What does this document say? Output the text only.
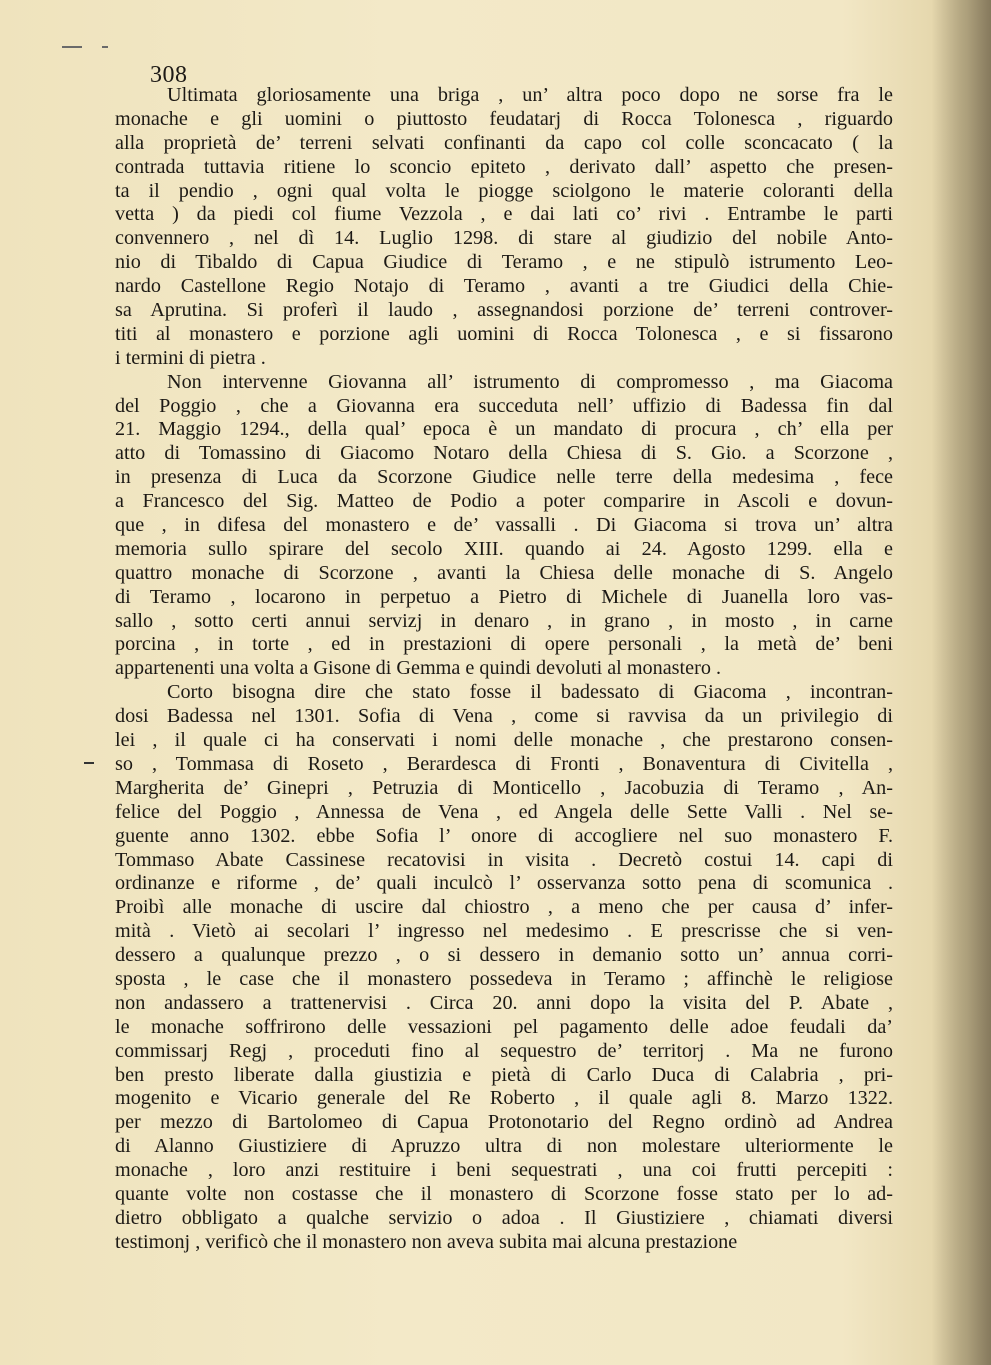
308
Ultimata gloriosamente una briga , un’ altra poco dopo ne sorse fra le
monache e gli uomini o piuttosto feudatarj di Rocca Tolonesca , riguardo
alla proprietà de’ terreni selvati confinanti da capo col colle sconcacato ( la
contrada tuttavia ritiene lo sconcio epiteto , derivato dall’ aspetto che presen-
ta il pendio , ogni qual volta le piogge sciolgono le materie coloranti della
vetta ) da piedi col fiume Vezzola , e dai lati co’ rivi . Entrambe le parti
convennero , nel dì 14. Luglio 1298. di stare al giudizio del nobile Anto-
nio di Tibaldo di Capua Giudice di Teramo , e ne stipulò istrumento Leo-
nardo Castellone Regio Notajo di Teramo , avanti a tre Giudici della Chie-
sa Aprutina. Si proferì il laudo , assegnandosi porzione de’ terreni controver-
titi al monastero e porzione agli uomini di Rocca Tolonesca , e si fissarono
i termini di pietra .
Non intervenne Giovanna all’ istrumento di compromesso , ma Giacoma
del Poggio , che a Giovanna era succeduta nell’ uffizio di Badessa fin dal
21. Maggio 1294., della qual’ epoca è un mandato di procura , ch’ ella per
atto di Tomassino di Giacomo Notaro della Chiesa di S. Gio. a Scorzone ,
in presenza di Luca da Scorzone Giudice nelle terre della medesima , fece
a Francesco del Sig. Matteo de Podio a poter comparire in Ascoli e dovun-
que , in difesa del monastero e de’ vassalli . Di Giacoma si trova un’ altra
memoria sullo spirare del secolo XIII. quando ai 24. Agosto 1299. ella e
quattro monache di Scorzone , avanti la Chiesa delle monache di S. Angelo
di Teramo , locarono in perpetuo a Pietro di Michele di Juanella loro vas-
sallo , sotto certi annui servizj in denaro , in grano , in mosto , in carne
porcina , in torte , ed in prestazioni di opere personali , la metà de’ beni
appartenenti una volta a Gisone di Gemma e quindi devoluti al monastero .
Corto bisogna dire che stato fosse il badessato di Giacoma , incontran-
dosi Badessa nel 1301. Sofia di Vena , come si ravvisa da un privilegio di
lei , il quale ci ha conservati i nomi delle monache , che prestarono consen-
so , Tommasa di Roseto , Berardesca di Fronti , Bonaventura di Civitella ,
Margherita de’ Ginepri , Petruzia di Monticello , Jacobuzia di Teramo , An-
felice del Poggio , Annessa de Vena , ed Angela delle Sette Valli . Nel se-
guente anno 1302. ebbe Sofia l’ onore di accogliere nel suo monastero F.
Tommaso Abate Cassinese recatovisi in visita . Decretò costui 14. capi di
ordinanze e riforme , de’ quali inculcò l’ osservanza sotto pena di scomunica .
Proibì alle monache di uscire dal chiostro , a meno che per causa d’ infer-
mità . Vietò ai secolari l’ ingresso nel medesimo . E prescrisse che si ven-
dessero a qualunque prezzo , o si dessero in demanio sotto un’ annua corri-
sposta , le case che il monastero possedeva in Teramo ; affinchè le religiose
non andassero a trattenervisi . Circa 20. anni dopo la visita del P. Abate ,
le monache soffrirono delle vessazioni pel pagamento delle adoe feudali da’
commissarj Regj , proceduti fino al sequestro de’ territorj . Ma ne furono
ben presto liberate dalla giustizia e pietà di Carlo Duca di Calabria , pri-
mogenito e Vicario generale del Re Roberto , il quale agli 8. Marzo 1322.
per mezzo di Bartolomeo di Capua Protonotario del Regno ordinò ad Andrea
di Alanno Giustiziere di Apruzzo ultra di non molestare ulteriormente le
monache , loro anzi restituire i beni sequestrati , una coi frutti percepiti :
quante volte non costasse che il monastero di Scorzone fosse stato per lo ad-
dietro obbligato a qualche servizio o adoa . Il Giustiziere , chiamati diversi
testimonj , verificò che il monastero non aveva subita mai alcuna prestazione
